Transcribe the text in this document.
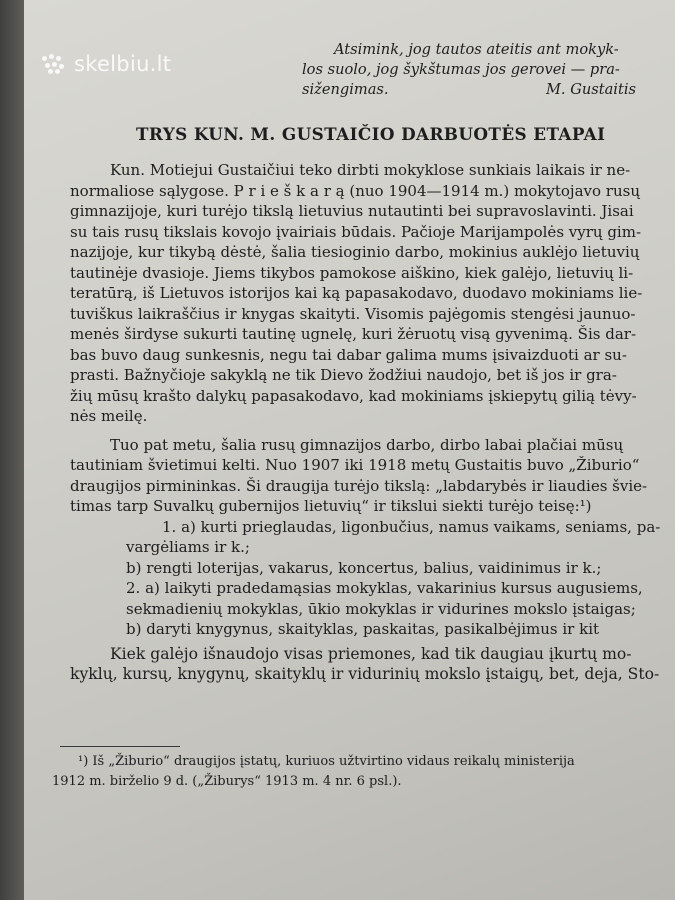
skelbiu.lt
Atsimink, jog tautos ateitis ant mokyk-
los suolo, jog šykštumas jos gerovei — pra-
sižengimas.	M. Gustaitis
TRYS KUN. M. GUSTAIČIO DARBUOTĖS ETAPAI
Kun. Motiejui Gustaičiui teko dirbti mokyklose sunkiais laikais ir ne-
normaliose sąlygose. P r i e š k a r ą (nuo 1904—1914 m.) mokytojavo rusų
gimnazijoje, kuri turėjo tikslą lietuvius nutautinti bei supravoslavinti. Jisai
su tais rusų tikslais kovojo įvairiais būdais. Pačioje Marijampolės vyrų gim-
nazijoje, kur tikybą dėstė, šalia tiesioginio darbo, mokinius auklėjo lietuvių
tautinėje dvasioje. Jiems tikybos pamokose aiškino, kiek galėjo, lietuvių li-
teratūrą, iš Lietuvos istorijos kai ką papasakodavo, duodavo mokiniams lie-
tuviškus laikraščius ir knygas skaityti. Visomis pajėgomis stengėsi jaunuo-
menės širdyse sukurti tautinę ugnelę, kuri žėruotų visą gyvenimą. Šis dar-
bas buvo daug sunkesnis, negu tai dabar galima mums įsivaizduoti ar su-
prasti. Bažnyčioje sakyklą ne tik Dievo žodžiui naudojo, bet iš jos ir gra-
žių mūsų krašto dalykų papasakodavo, kad mokiniams įskiepytų gilią tėvy-
nės meilę.
Tuo pat metu, šalia rusų gimnazijos darbo, dirbo labai plačiai mūsų
tautiniam švietimui kelti. Nuo 1907 iki 1918 metų Gustaitis buvo „Žiburio“
draugijos pirmininkas. Ši draugija turėjo tikslą: „labdarybės ir liaudies švie-
timas tarp Suvalkų gubernijos lietuvių“ ir tikslui siekti turėjo teisę:¹)
1. a) kurti prieglaudas, ligonbučius, namus vaikams, seniams, pa-
vargėliams ir k.;
b) rengti loterijas, vakarus, koncertus, balius, vaidinimus ir k.;
2. a) laikyti pradedamąsias mokyklas, vakarinius kursus augusiems,
sekmadienių mokyklas, ūkio mokyklas ir vidurines mokslo įstaigas;
b) daryti knygynus, skaityklas, paskaitas, pasikalbėjimus ir kit
Kiek galėjo išnaudojo visas priemones, kad tik daugiau įkurtų mo-
kyklų, kursų, knygynų, skaityklų ir vidurinių mokslo įstaigų, bet, deja, Sto-
¹) Iš „Žiburio“ draugijos įstatų, kuriuos užtvirtino vidaus reikalų ministerija
1912 m. birželio 9 d. („Žiburys“ 1913 m. 4 nr. 6 psl.).
